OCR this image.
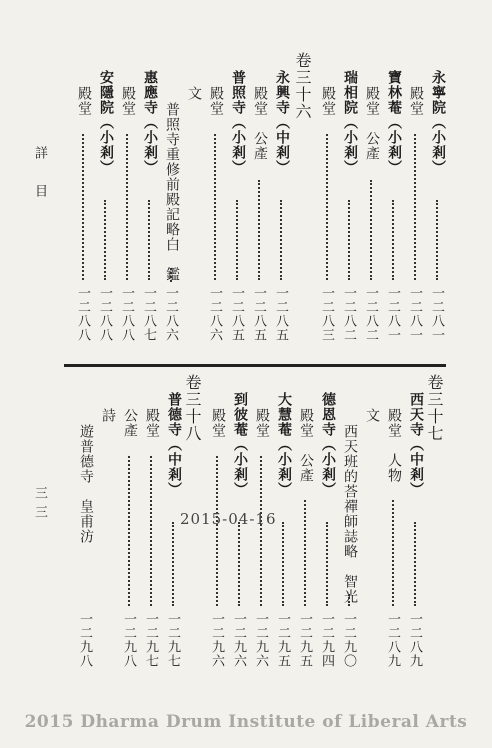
詳　目
三三
永寧院（小剎）
一二八一
殿堂
一二八一
寶林菴（小剎）
一二八一
殿堂　公產
一二八二
瑞相院（小剎）
一二八二
殿堂
一二八三
卷三十六
永興寺（中剎）
一二八五
殿堂　公產
一二八五
普照寺（小剎）
一二八五
殿堂
一二八六
文
普照寺重修前殿記略白　鑑
一二八六
惠應寺（小剎）
一二八七
殿堂
一二八八
安隱院（小剎）
一二八八
殿堂
一二八八
卷三十七
西天寺（中剎）
一二八九
殿堂　人物
一二八九
文
西天班的荅禪師誌略　智光
一二九〇
德恩寺（小剎）
一二九四
殿堂　公產
一二九五
大慧菴（小剎）
一二九五
殿堂
一二九六
到彼菴（小剎）
一二九六
殿堂
一二九六
卷三十八
普德寺（中剎）
一二九七
殿堂
一二九七
公產
一二九八
詩
遊普德寺　皇甫汸
一二九八
2015-04-16
2015 Dharma Drum Institute of Liberal Arts
